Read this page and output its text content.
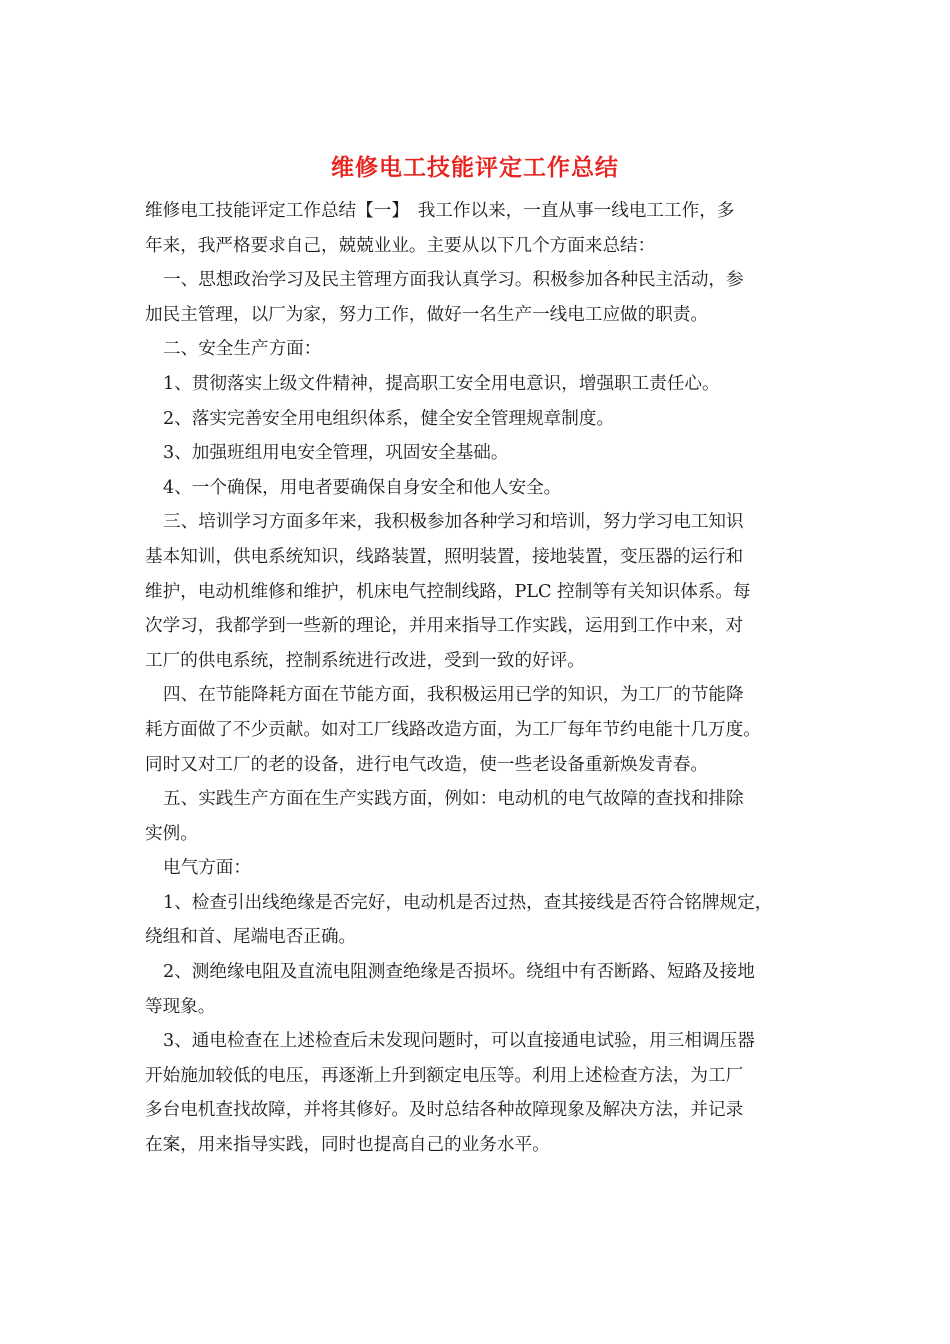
维修电工技能评定工作总结
维修电工技能评定工作总结【一】　我工作以来，一直从事一线电工工作，多
年来，我严格要求自己，兢兢业业。主要从以下几个方面来总结：
一、思想政治学习及民主管理方面我认真学习。积极参加各种民主活动，参
加民主管理，以厂为家，努力工作，做好一名生产一线电工应做的职责。
二、安全生产方面：
1、贯彻落实上级文件精神，提高职工安全用电意识，增强职工责任心。
2、落实完善安全用电组织体系，健全安全管理规章制度。
3、加强班组用电安全管理，巩固安全基础。
4、一个确保，用电者要确保自身安全和他人安全。
三、培训学习方面多年来，我积极参加各种学习和培训，努力学习电工知识
基本知训，供电系统知识，线路装置，照明装置，接地装置，变压器的运行和
维护，电动机维修和维护，机床电气控制线路，PLC 控制等有关知识体系。每
次学习，我都学到一些新的理论，并用来指导工作实践，运用到工作中来，对
工厂的供电系统，控制系统进行改进，受到一致的好评。
四、在节能降耗方面在节能方面，我积极运用已学的知识，为工厂的节能降
耗方面做了不少贡献。如对工厂线路改造方面，为工厂每年节约电能十几万度。
同时又对工厂的老的设备，进行电气改造，使一些老设备重新焕发青春。
五、实践生产方面在生产实践方面，例如：电动机的电气故障的查找和排除
实例。
电气方面：
1、检查引出线绝缘是否完好，电动机是否过热，查其接线是否符合铭牌规定，
绕组和首、尾端电否正确。
2、测绝缘电阻及直流电阻测查绝缘是否损坏。绕组中有否断路、短路及接地
等现象。
3、通电检查在上述检查后未发现问题时，可以直接通电试验，用三相调压器
开始施加较低的电压，再逐渐上升到额定电压等。利用上述检查方法，为工厂
多台电机查找故障，并将其修好。及时总结各种故障现象及解决方法，并记录
在案，用来指导实践，同时也提高自己的业务水平。
